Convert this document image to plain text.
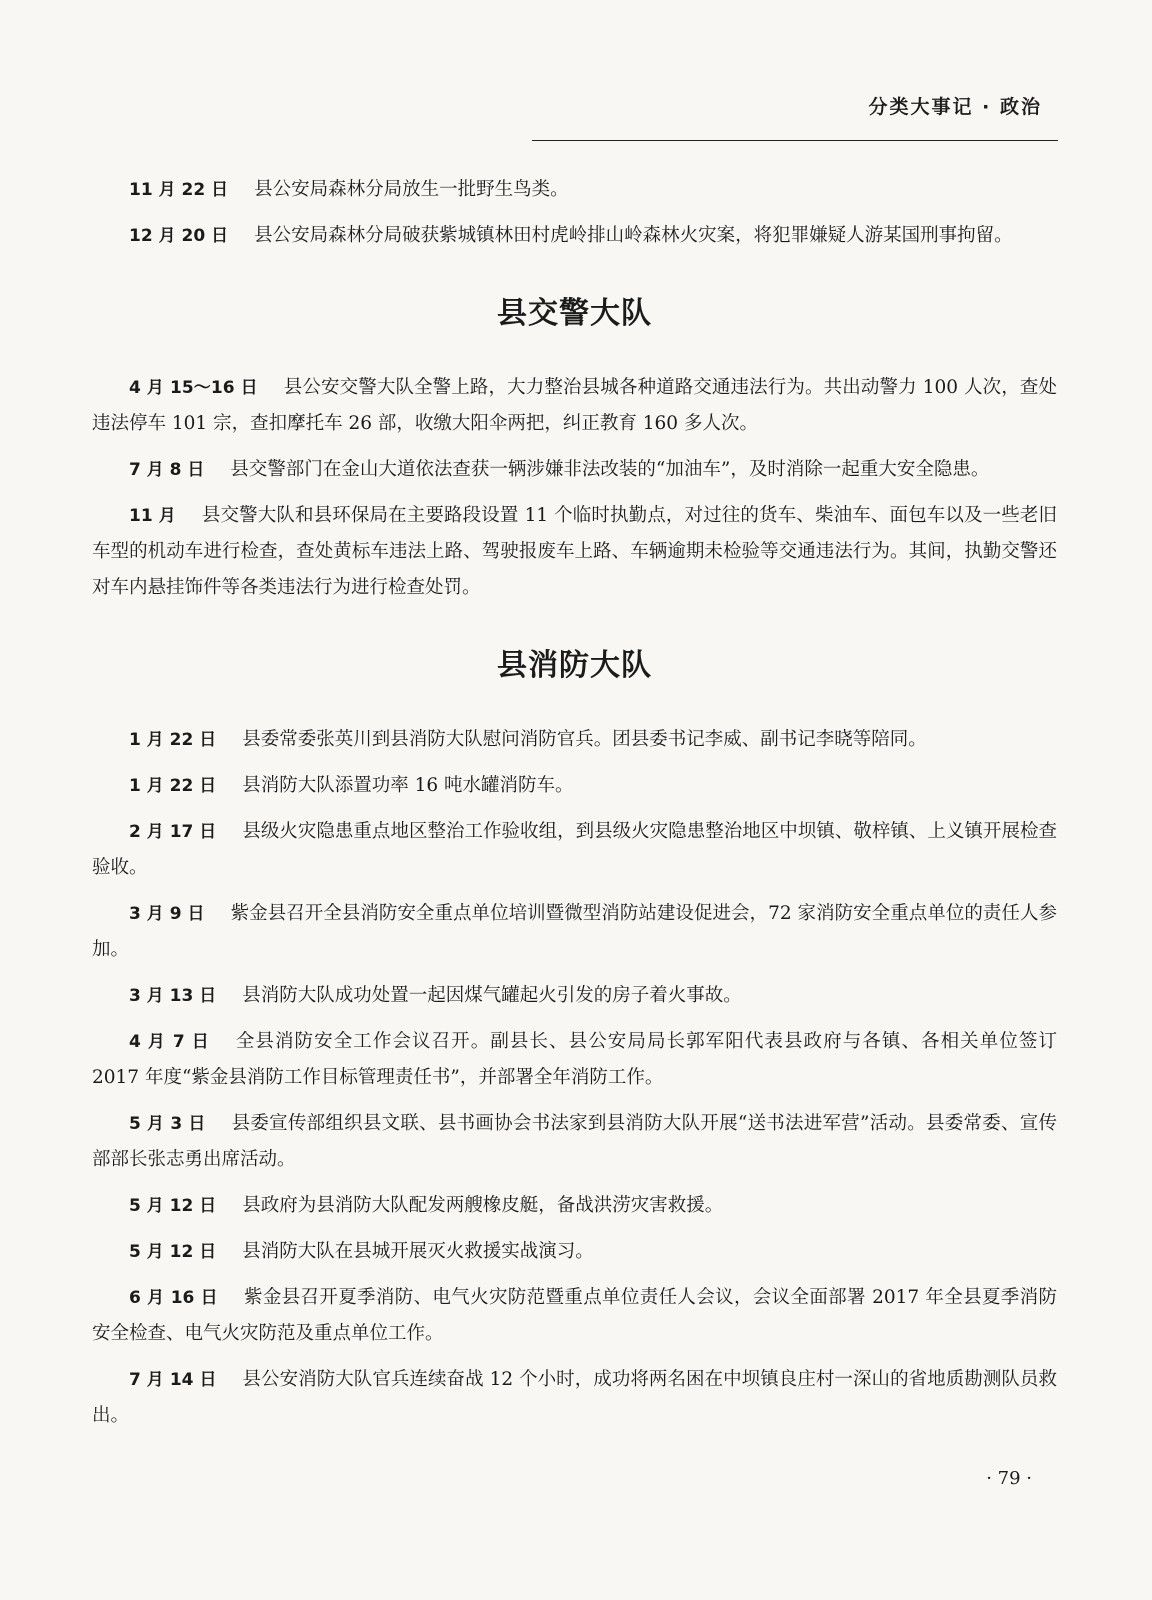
分类大事记 · 政治

11 月 22 日 县公安局森林分局放生一批野生鸟类。

12 月 20 日 县公安局森林分局破获紫城镇林田村虎岭排山岭森林火灾案，将犯罪嫌疑人游某国刑事拘留。

县交警大队

4 月 15～16 日 县公安交警大队全警上路，大力整治县城各种道路交通违法行为。共出动警力 100 人次，查处违法停车 101 宗，查扣摩托车 26 部，收缴大阳伞两把，纠正教育 160 多人次。

7 月 8 日 县交警部门在金山大道依法查获一辆涉嫌非法改装的“加油车”，及时消除一起重大安全隐患。

11 月 县交警大队和县环保局在主要路段设置 11 个临时执勤点，对过往的货车、柴油车、面包车以及一些老旧车型的机动车进行检查，查处黄标车违法上路、驾驶报废车上路、车辆逾期未检验等交通违法行为。其间，执勤交警还对车内悬挂饰件等各类违法行为进行检查处罚。

县消防大队

1 月 22 日 县委常委张英川到县消防大队慰问消防官兵。团县委书记李威、副书记李晓等陪同。

1 月 22 日 县消防大队添置功率 16 吨水罐消防车。

2 月 17 日 县级火灾隐患重点地区整治工作验收组，到县级火灾隐患整治地区中坝镇、敬梓镇、上义镇开展检查验收。

3 月 9 日 紫金县召开全县消防安全重点单位培训暨微型消防站建设促进会，72 家消防安全重点单位的责任人参加。

3 月 13 日 县消防大队成功处置一起因煤气罐起火引发的房子着火事故。

4 月 7 日 全县消防安全工作会议召开。副县长、县公安局局长郭军阳代表县政府与各镇、各相关单位签订 2017 年度“紫金县消防工作目标管理责任书”，并部署全年消防工作。

5 月 3 日 县委宣传部组织县文联、县书画协会书法家到县消防大队开展“送书法进军营”活动。县委常委、宣传部部长张志勇出席活动。

5 月 12 日 县政府为县消防大队配发两艘橡皮艇，备战洪涝灾害救援。

5 月 12 日 县消防大队在县城开展灭火救援实战演习。

6 月 16 日 紫金县召开夏季消防、电气火灾防范暨重点单位责任人会议，会议全面部署 2017 年全县夏季消防安全检查、电气火灾防范及重点单位工作。

7 月 14 日 县公安消防大队官兵连续奋战 12 个小时，成功将两名困在中坝镇良庄村一深山的省地质勘测队员救出。

· 79 ·
